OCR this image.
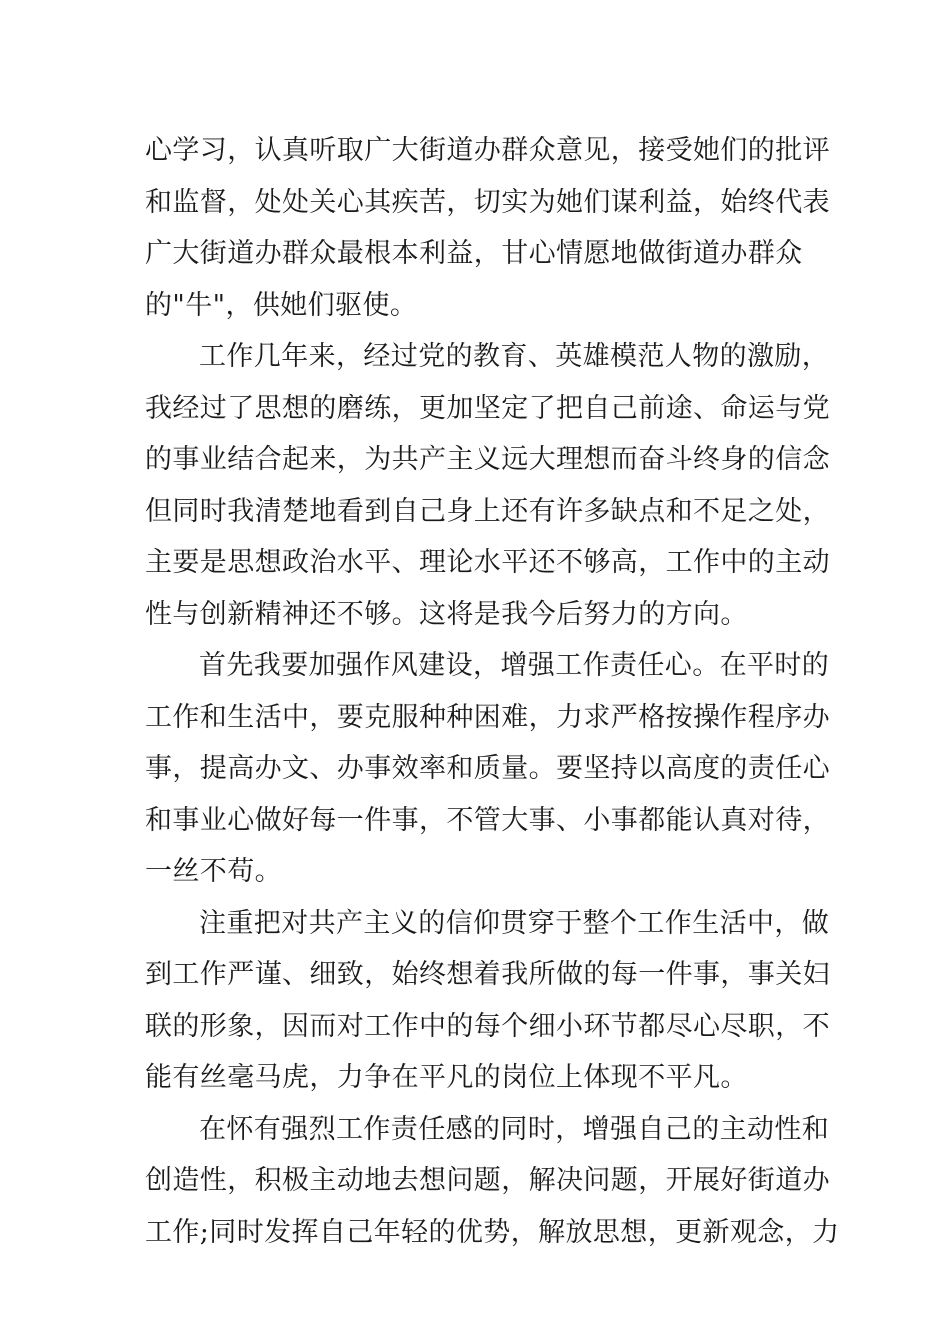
心学习，认真听取广大街道办群众意见，接受她们的批评
和监督，处处关心其疾苦，切实为她们谋利益，始终代表
广大街道办群众最根本利益，甘心情愿地做街道办群众
的"牛"，供她们驱使。

工作几年来，经过党的教育、英雄模范人物的激励，
我经过了思想的磨练，更加坚定了把自己前途、命运与党
的事业结合起来，为共产主义远大理想而奋斗终身的信念
但同时我清楚地看到自己身上还有许多缺点和不足之处，
主要是思想政治水平、理论水平还不够高，工作中的主动
性与创新精神还不够。这将是我今后努力的方向。

首先我要加强作风建设，增强工作责任心。在平时的
工作和生活中，要克服种种困难，力求严格按操作程序办
事，提高办文、办事效率和质量。要坚持以高度的责任心
和事业心做好每一件事，不管大事、小事都能认真对待，
一丝不苟。

注重把对共产主义的信仰贯穿于整个工作生活中，做
到工作严谨、细致，始终想着我所做的每一件事，事关妇
联的形象，因而对工作中的每个细小环节都尽心尽职，不
能有丝毫马虎，力争在平凡的岗位上体现不平凡。

在怀有强烈工作责任感的同时，增强自己的主动性和
创造性，积极主动地去想问题，解决问题，开展好街道办
工作;同时发挥自己年轻的优势，解放思想，更新观念，力
